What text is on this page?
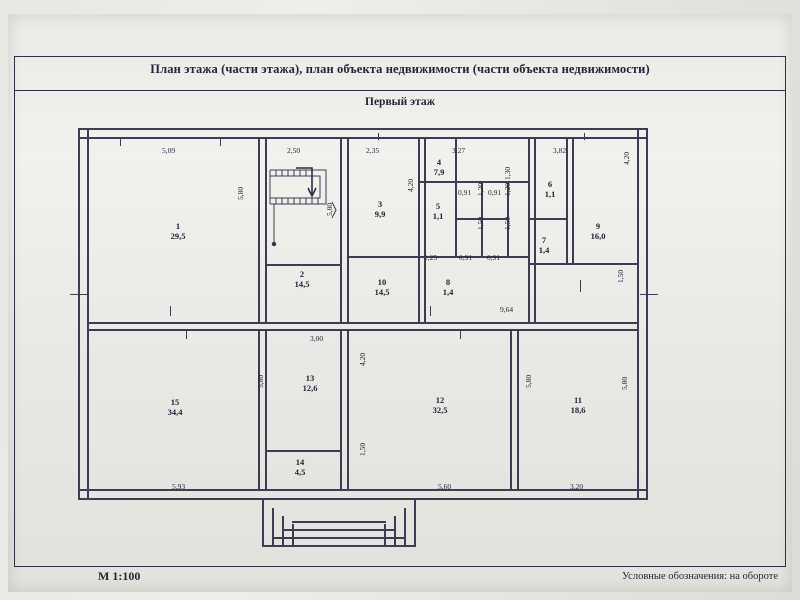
План этажа (части этажа), план объекта недвижимости (части объекта недвижимости)
Первый этаж
М 1:100	Условные обозначения: на обороте
1
29,5
2
14,5
3
9,9
4
7,9
5
1,1
6
1,1
7
1,4
8
1,4
9
16,0
10
14,5
11
18,6
12
32,5
13
12,6
14
4,5
15
34,4
5,09	2,50	2,35	3,27	3,82
5,93	5,60	3,20
3,00
9,64
1,30
0,91 0,91
1,20 1,20
1,50 1,50
1,25	0,91 0,91
5,80
5,80
4,20
4,20
1,50
5,80
4,20
1,50
5,80	5,80
